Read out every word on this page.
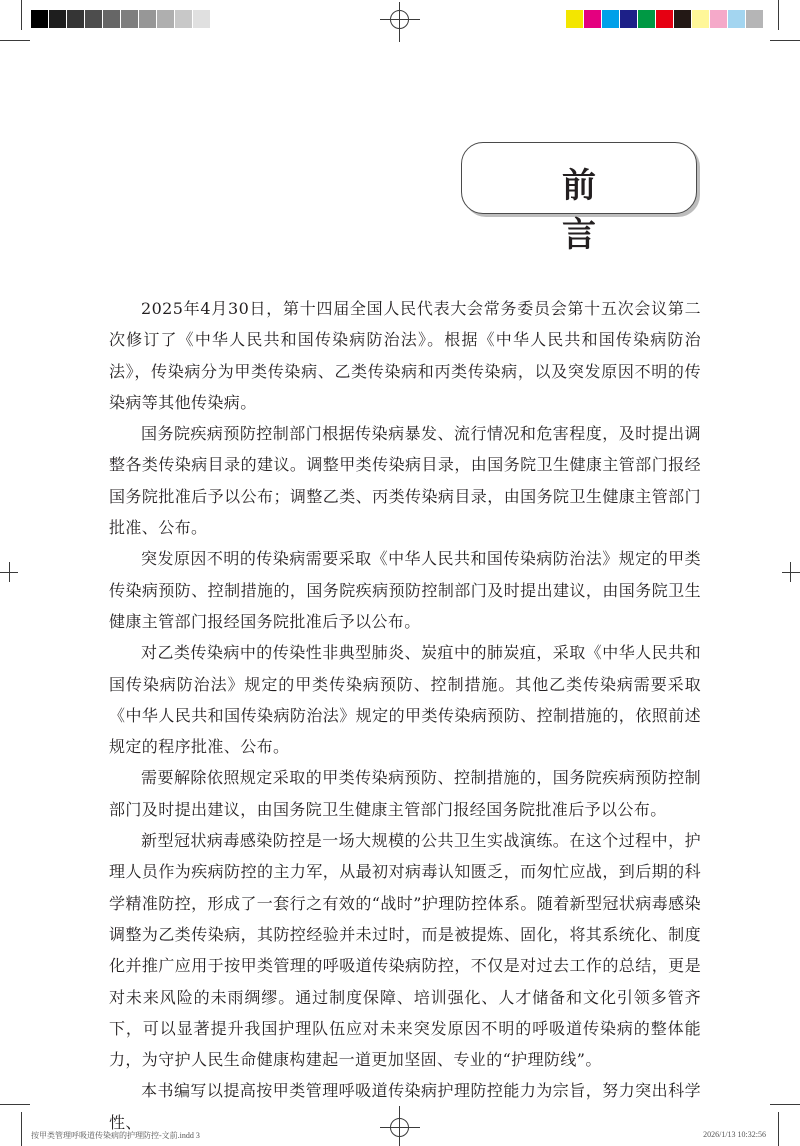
前　言

2025年4月30日，第十四届全国人民代表大会常务委员会第十五次会议第二次修订了《中华人民共和国传染病防治法》。根据《中华人民共和国传染病防治法》，传染病分为甲类传染病、乙类传染病和丙类传染病，以及突发原因不明的传染病等其他传染病。

国务院疾病预防控制部门根据传染病暴发、流行情况和危害程度，及时提出调整各类传染病目录的建议。调整甲类传染病目录，由国务院卫生健康主管部门报经国务院批准后予以公布；调整乙类、丙类传染病目录，由国务院卫生健康主管部门批准、公布。

突发原因不明的传染病需要采取《中华人民共和国传染病防治法》规定的甲类传染病预防、控制措施的，国务院疾病预防控制部门及时提出建议，由国务院卫生健康主管部门报经国务院批准后予以公布。

对乙类传染病中的传染性非典型肺炎、炭疽中的肺炭疽，采取《中华人民共和国传染病防治法》规定的甲类传染病预防、控制措施。其他乙类传染病需要采取《中华人民共和国传染病防治法》规定的甲类传染病预防、控制措施的，依照前述规定的程序批准、公布。

需要解除依照规定采取的甲类传染病预防、控制措施的，国务院疾病预防控制部门及时提出建议，由国务院卫生健康主管部门报经国务院批准后予以公布。

新型冠状病毒感染防控是一场大规模的公共卫生实战演练。在这个过程中，护理人员作为疾病防控的主力军，从最初对病毒认知匮乏，而匆忙应战，到后期的科学精准防控，形成了一套行之有效的“战时”护理防控体系。随着新型冠状病毒感染调整为乙类传染病，其防控经验并未过时，而是被提炼、固化，将其系统化、制度化并推广应用于按甲类管理的呼吸道传染病防控，不仅是对过去工作的总结，更是对未来风险的未雨绸缪。通过制度保障、培训强化、人才储备和文化引领多管齐下，可以显著提升我国护理队伍应对未来突发原因不明的呼吸道传染病的整体能力，为守护人民生命健康构建起一道更加坚固、专业的“护理防线”。

本书编写以提高按甲类管理呼吸道传染病护理防控能力为宗旨，努力突出科学性、

按甲类管理呼吸道传染病的护理防控-文前.indd 3	2026/1/13 10:32:56
